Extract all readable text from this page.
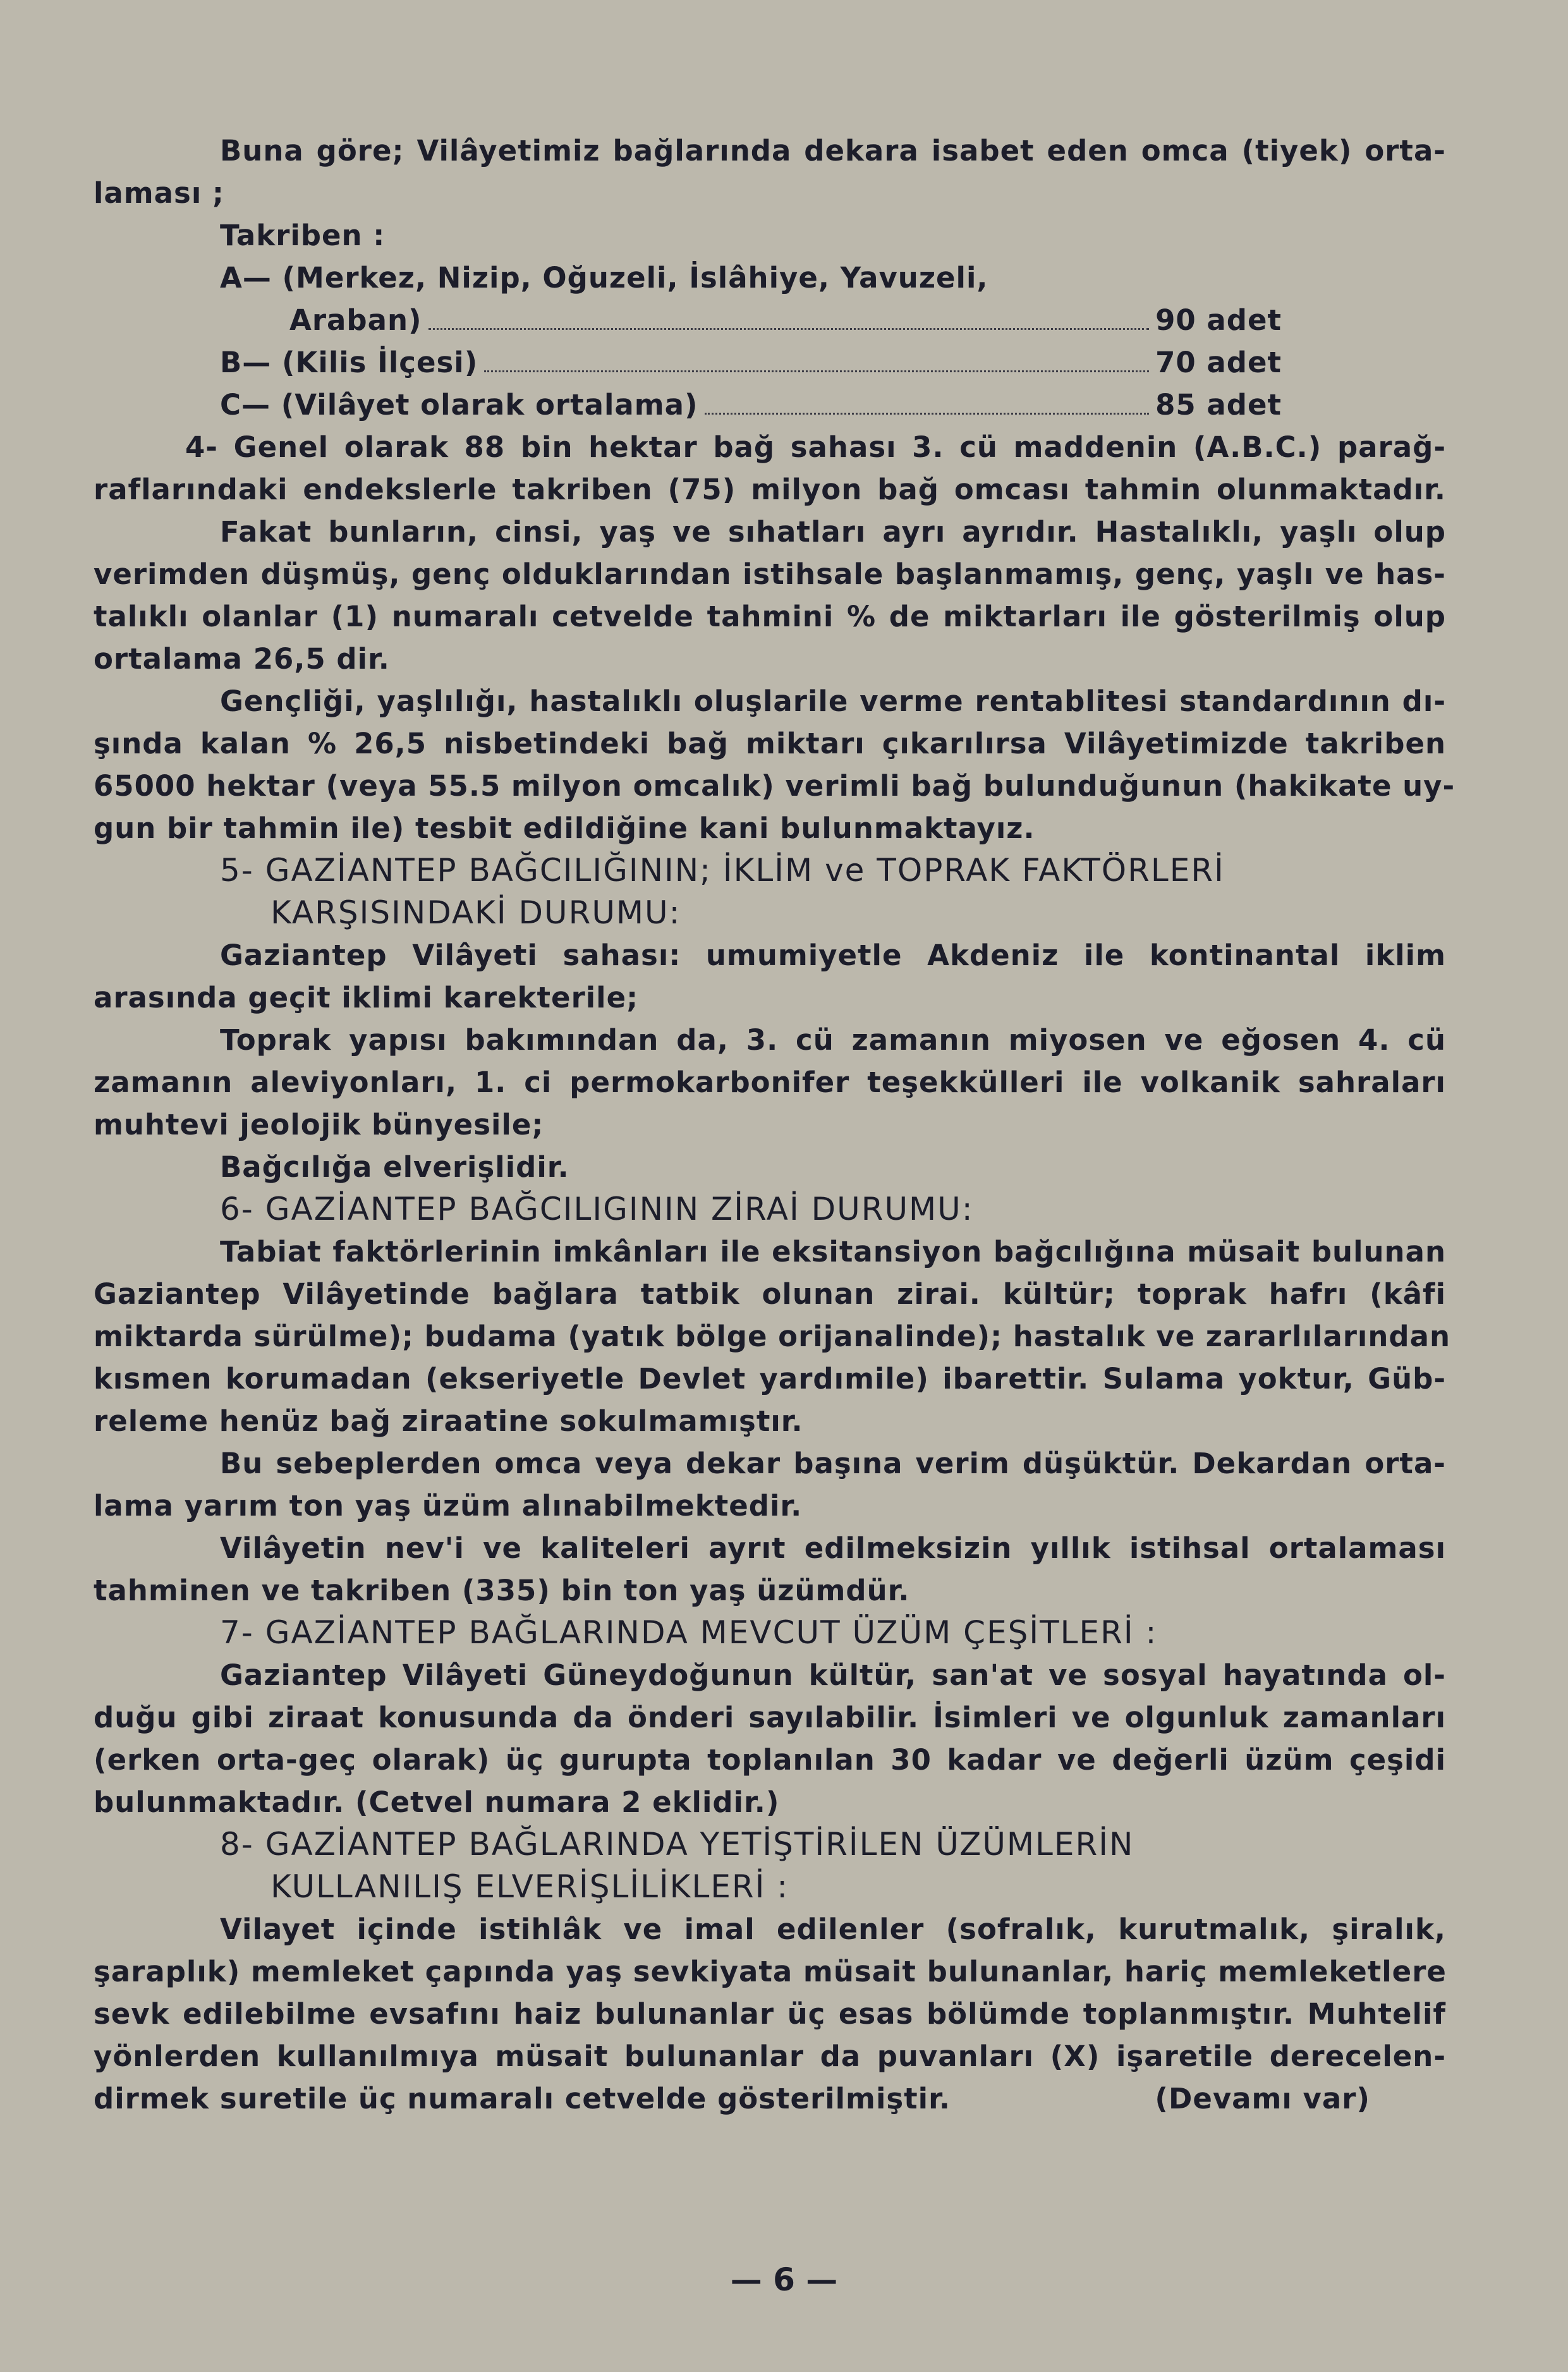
Buna göre; Vilâyetimiz bağlarında dekara isabet eden omca (tiyek) orta-
laması ;
Takriben :
A— (Merkez, Nizip, Oğuzeli, İslâhiye, Yavuzeli,
Araban)	90 adet
B— (Kilis İlçesi)	70 adet
C— (Vilâyet olarak ortalama)	85 adet
4- Genel olarak 88 bin hektar bağ sahası 3. cü maddenin (A.B.C.) parağ-
raflarındaki endekslerle takriben (75) milyon bağ omcası tahmin olunmaktadır.
Fakat bunların, cinsi, yaş ve sıhatları ayrı ayrıdır. Hastalıklı, yaşlı olup
verimden düşmüş, genç olduklarından istihsale başlanmamış, genç, yaşlı ve has-
talıklı olanlar (1) numaralı cetvelde tahmini % de miktarları ile gösterilmiş olup
ortalama 26,5 dir.
Gençliği, yaşlılığı, hastalıklı oluşlarile verme rentablitesi standardının dı-
şında kalan % 26,5 nisbetindeki bağ miktarı çıkarılırsa Vilâyetimizde takriben
65000 hektar (veya 55.5 milyon omcalık) verimli bağ bulunduğunun (hakikate uy-
gun bir tahmin ile) tesbit edildiğine kani bulunmaktayız.
5- GAZİANTEP BAĞCILIĞININ; İKLİM ve TOPRAK FAKTÖRLERİ
KARŞISINDAKİ DURUMU:
Gaziantep Vilâyeti sahası: umumiyetle Akdeniz ile kontinantal iklim
arasında geçit iklimi karekterile;
Toprak yapısı bakımından da, 3. cü zamanın miyosen ve eğosen 4. cü
zamanın aleviyonları, 1. ci permokarbonifer teşekkülleri ile volkanik sahraları
muhtevi jeolojik bünyesile;
Bağcılığa elverişlidir.
6- GAZİANTEP BAĞCILIGININ ZİRAİ DURUMU:
Tabiat faktörlerinin imkânları ile eksitansiyon bağcılığına müsait bulunan
Gaziantep Vilâyetinde bağlara tatbik olunan zirai. kültür; toprak hafrı (kâfi
miktarda sürülme); budama (yatık bölge orijanalinde); hastalık ve zararlılarından
kısmen korumadan (ekseriyetle Devlet yardımile) ibarettir. Sulama yoktur, Güb-
releme henüz bağ ziraatine sokulmamıştır.
Bu sebeplerden omca veya dekar başına verim düşüktür. Dekardan orta-
lama yarım ton yaş üzüm alınabilmektedir.
Vilâyetin nev'i ve kaliteleri ayrıt edilmeksizin yıllık istihsal ortalaması
tahminen ve takriben (335) bin ton yaş üzümdür.
7- GAZİANTEP BAĞLARINDA MEVCUT ÜZÜM ÇEŞİTLERİ :
Gaziantep Vilâyeti Güneydoğunun kültür, san'at ve sosyal hayatında ol-
duğu gibi ziraat konusunda da önderi sayılabilir. İsimleri ve olgunluk zamanları
(erken orta-geç olarak) üç gurupta toplanılan 30 kadar ve değerli üzüm çeşidi
bulunmaktadır. (Cetvel numara 2 eklidir.)
8- GAZİANTEP BAĞLARINDA YETİŞTİRİLEN ÜZÜMLERİN
KULLANILIŞ ELVERİŞLİLİKLERİ :
Vilayet içinde istihlâk ve imal edilenler (sofralık, kurutmalık, şiralık,
şaraplık) memleket çapında yaş sevkiyata müsait bulunanlar, hariç memleketlere
sevk edilebilme evsafını haiz bulunanlar üç esas bölümde toplanmıştır. Muhtelif
yönlerden kullanılmıya müsait bulunanlar da puvanları (X) işaretile derecelen-
dirmek suretile üç numaralı cetvelde gösterilmiştir.	(Devamı var)
— 6 —
